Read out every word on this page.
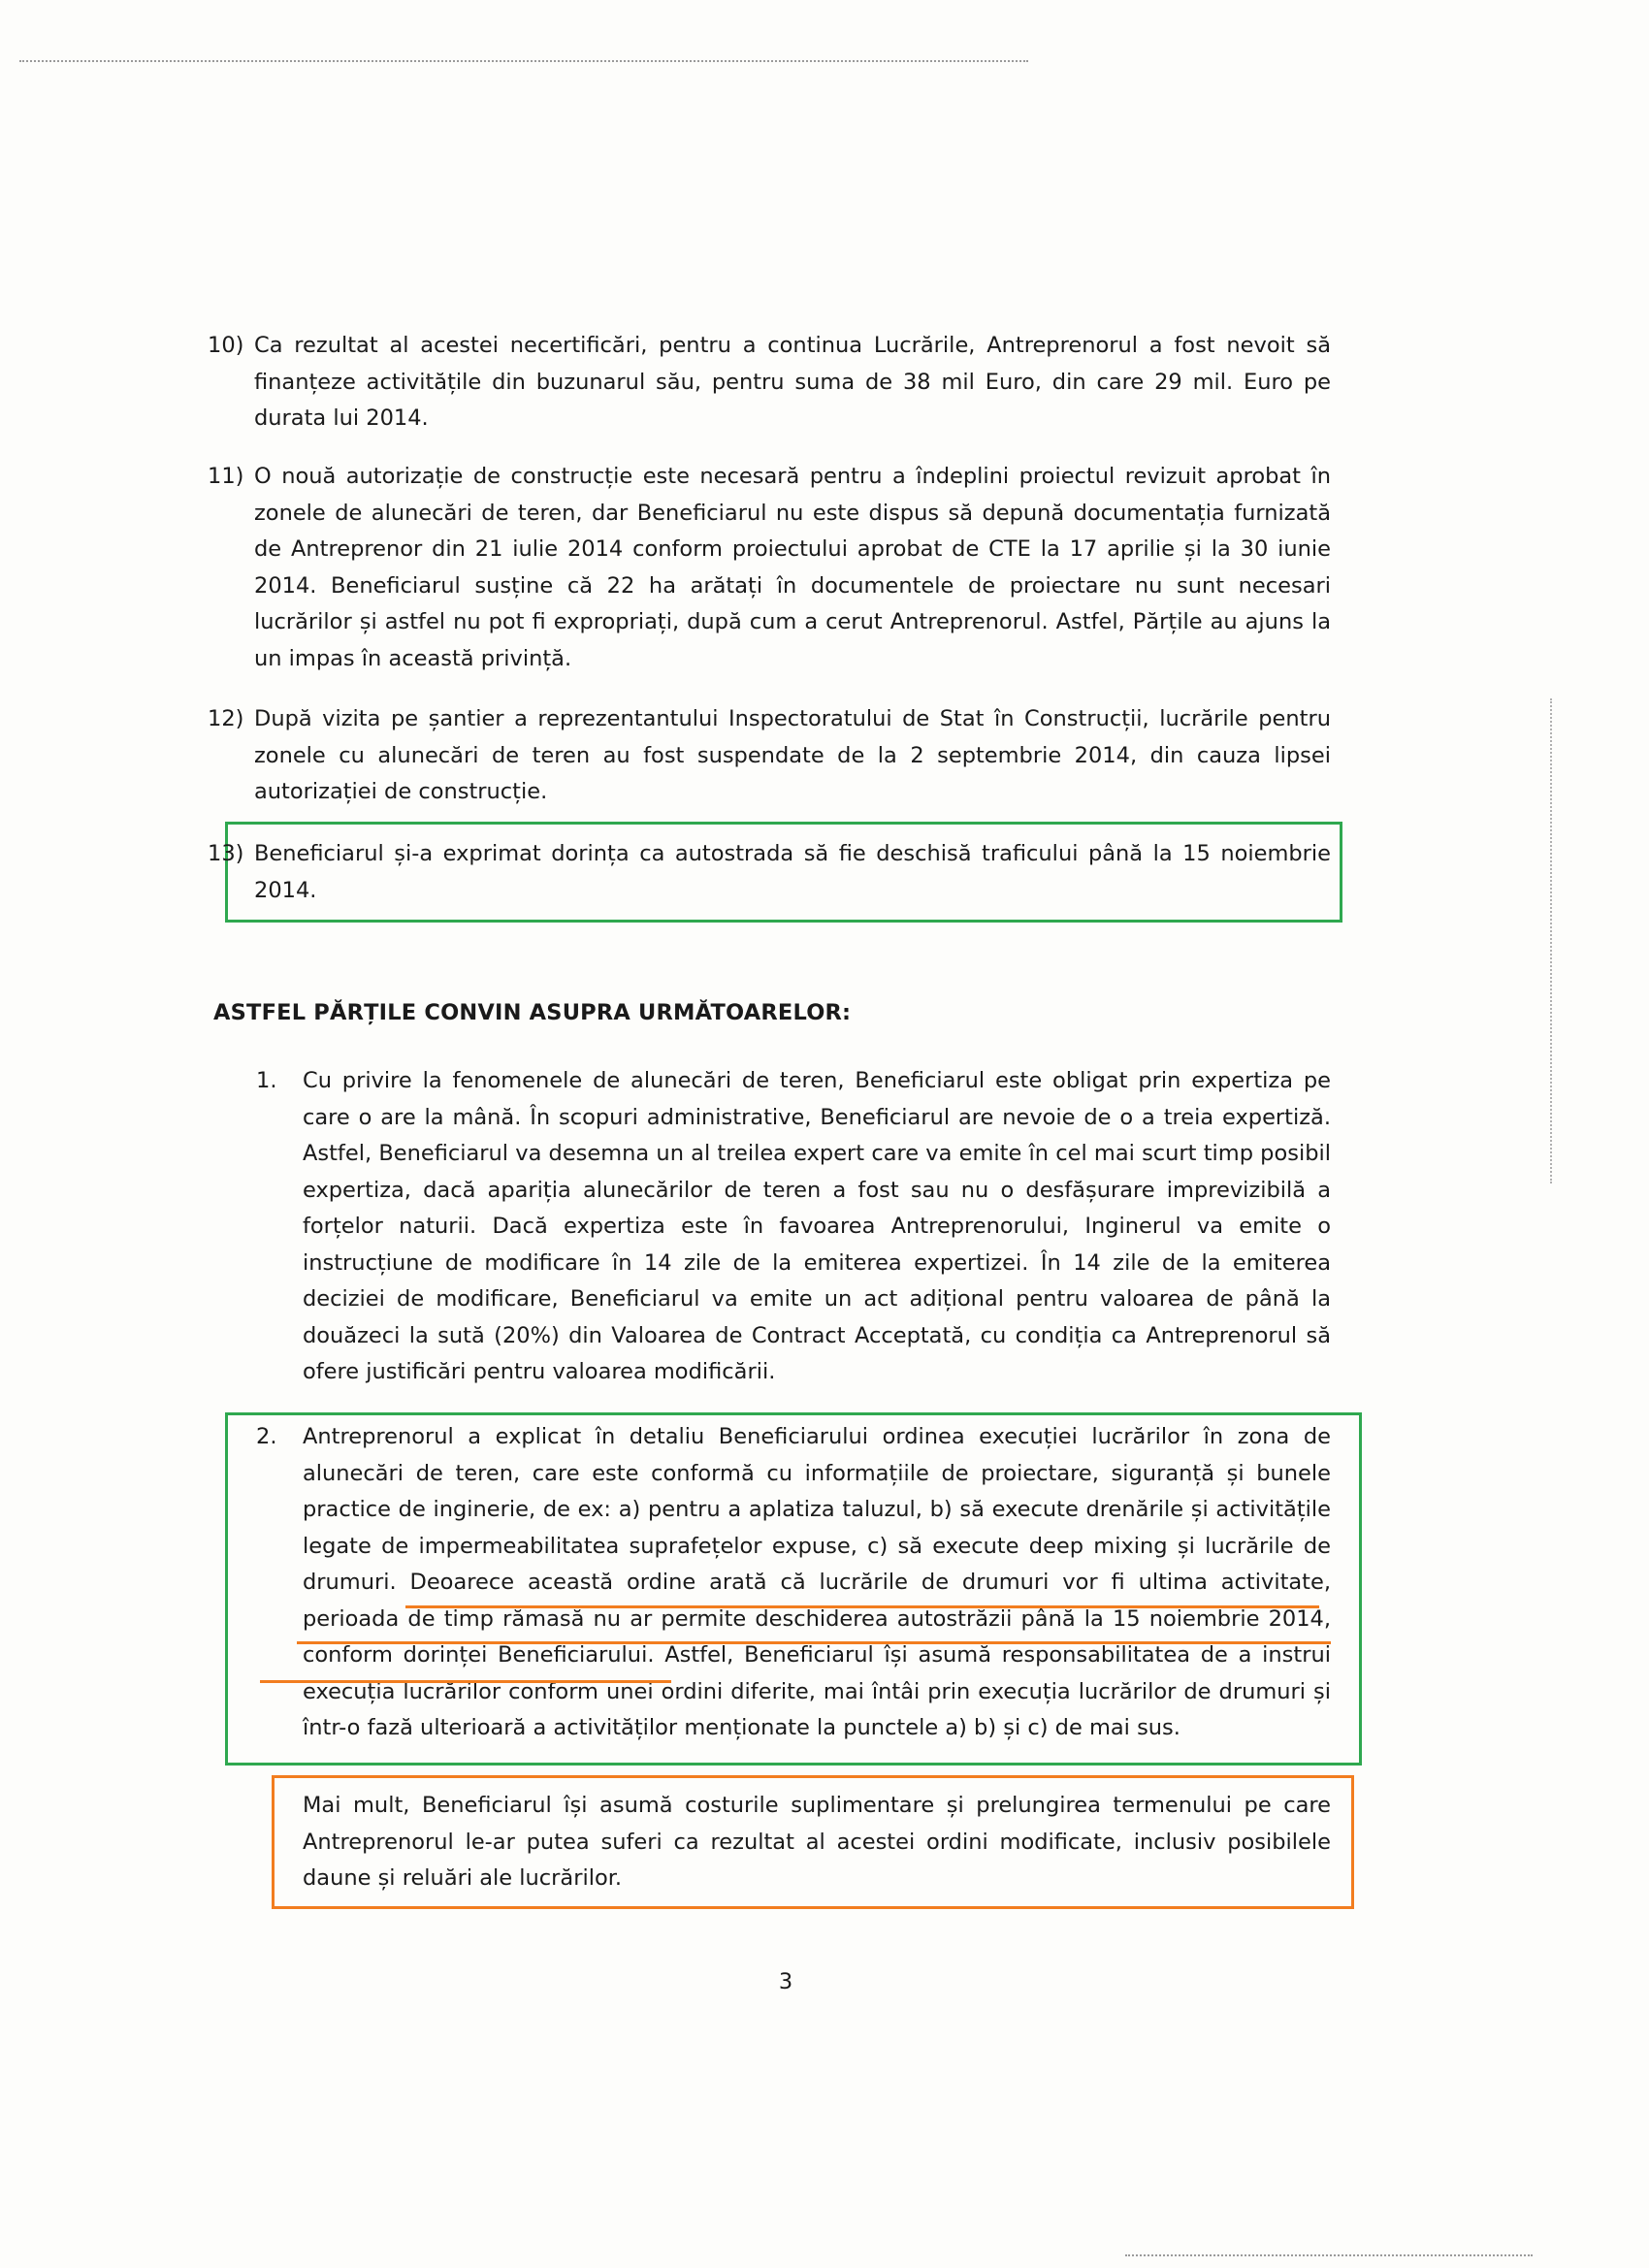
10) Ca rezultat al acestei necertificări, pentru a continua Lucrările, Antreprenorul a fost nevoit să finanțeze activitățile din buzunarul său, pentru suma de 38 mil Euro, din care 29 mil. Euro pe durata lui 2014.
11) O nouă autorizație de construcție este necesară pentru a îndeplini proiectul revizuit aprobat în zonele de alunecări de teren, dar Beneficiarul nu este dispus să depună documentația furnizată de Antreprenor din 21 iulie 2014 conform proiectului aprobat de CTE la 17 aprilie și la 30 iunie 2014. Beneficiarul susține că 22 ha arătați în documentele de proiectare nu sunt necesari lucrărilor și astfel nu pot fi expropriați, după cum a cerut Antreprenorul. Astfel, Părțile au ajuns la un impas în această privință.
12) După vizita pe șantier a reprezentantului Inspectoratului de Stat în Construcții, lucrările pentru zonele cu alunecări de teren au fost suspendate de la 2 septembrie 2014, din cauza lipsei autorizației de construcție.
13) Beneficiarul și-a exprimat dorința ca autostrada să fie deschisă traficului până la 15 noiembrie 2014.
ASTFEL PĂRȚILE CONVIN ASUPRA URMĂTOARELOR:
1.	Cu privire la fenomenele de alunecări de teren, Beneficiarul este obligat prin expertiza pe care o are la mână. În scopuri administrative, Beneficiarul are nevoie de o a treia expertiză. Astfel, Beneficiarul va desemna un al treilea expert care va emite în cel mai scurt timp posibil expertiza, dacă apariția alunecărilor de teren a fost sau nu o desfășurare imprevizibilă a forțelor naturii. Dacă expertiza este în favoarea Antreprenorului, Inginerul va emite o instrucțiune de modificare în 14 zile de la emiterea expertizei. În 14 zile de la emiterea deciziei de modificare, Beneficiarul va emite un act adițional pentru valoarea de până la douăzeci la sută (20%) din Valoarea de Contract Acceptată, cu condiția ca Antreprenorul să ofere justificări pentru valoarea modificării.
2.	Antreprenorul a explicat în detaliu Beneficiarului ordinea execuției lucrărilor în zona de alunecări de teren, care este conformă cu informațiile de proiectare, siguranță și bunele practice de inginerie, de ex: a) pentru a aplatiza taluzul, b) să execute drenările și activitățile legate de impermeabilitatea suprafețelor expuse, c) să execute deep mixing și lucrările de drumuri. Deoarece această ordine arată că lucrările de drumuri vor fi ultima activitate, perioada de timp rămasă nu ar permite deschiderea autostrăzii până la 15 noiembrie 2014, conform dorinței Beneficiarului. Astfel, Beneficiarul își asumă responsabilitatea de a instrui execuția lucrărilor conform unei ordini diferite, mai întâi prin execuția lucrărilor de drumuri și într-o fază ulterioară a activităților menționate la punctele a) b) și c) de mai sus.
Mai mult, Beneficiarul își asumă costurile suplimentare și prelungirea termenului pe care Antreprenorul le-ar putea suferi ca rezultat al acestei ordini modificate, inclusiv posibilele daune și reluări ale lucrărilor.
3
